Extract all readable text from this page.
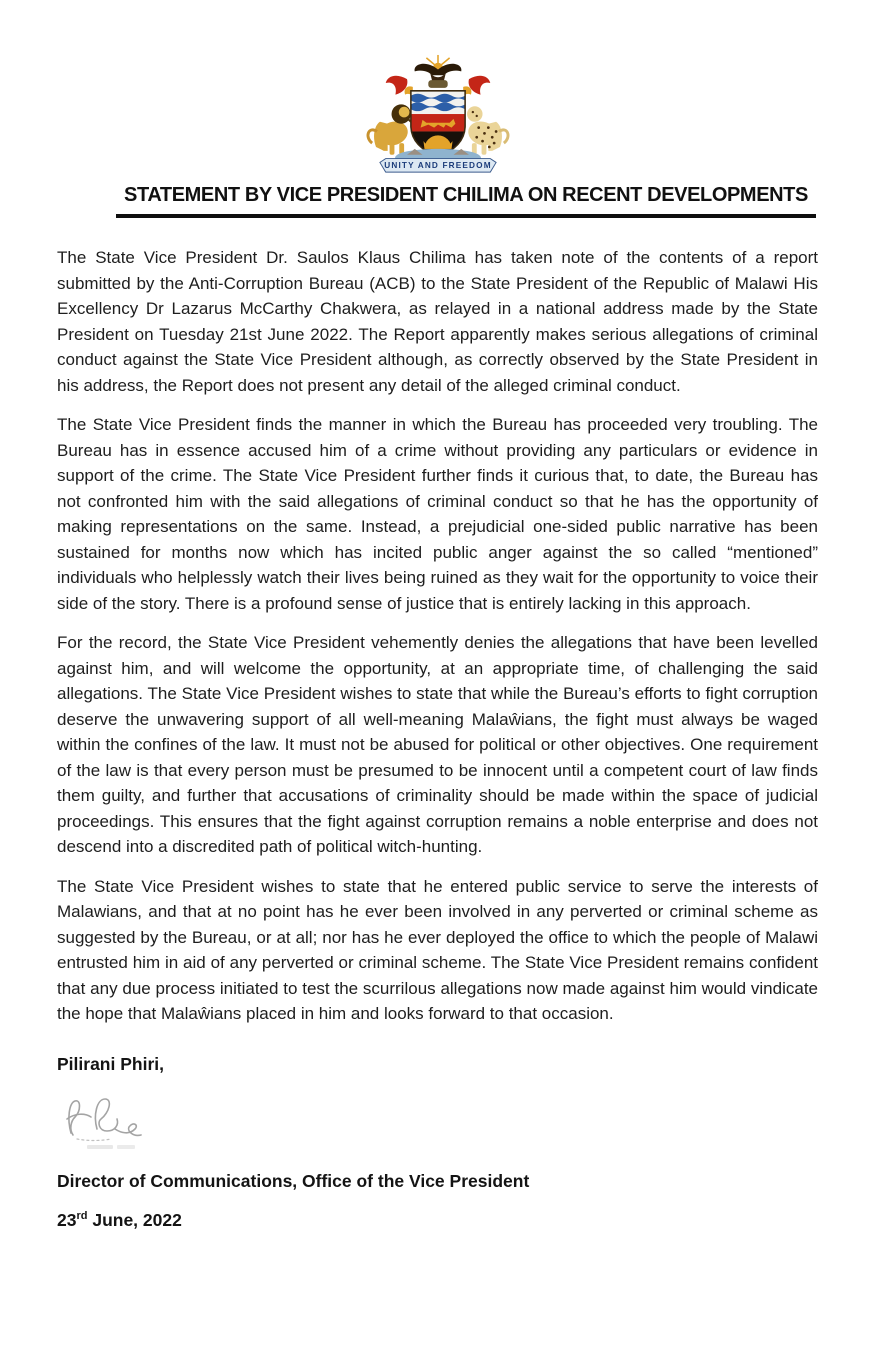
UNITY AND FREEDOM
STATEMENT BY VICE PRESIDENT CHILIMA ON RECENT DEVELOPMENTS

The State Vice President Dr. Saulos Klaus Chilima has taken note of the contents of a report submitted by the Anti-Corruption Bureau (ACB) to the State President of the Republic of Malawi His Excellency Dr Lazarus McCarthy Chakwera, as relayed in a national address made by the State President on Tuesday 21st June 2022. The Report apparently makes serious allegations of criminal conduct against the State Vice President although, as correctly observed by the State President in his address, the Report does not present any detail of the alleged criminal conduct.

The State Vice President finds the manner in which the Bureau has proceeded very troubling. The Bureau has in essence accused him of a crime without providing any particulars or evidence in support of the crime. The State Vice President further finds it curious that, to date, the Bureau has not confronted him with the said allegations of criminal conduct so that he has the opportunity of making representations on the same. Instead, a prejudicial one-sided public narrative has been sustained for months now which has incited public anger against the so called “mentioned” individuals who helplessly watch their lives being ruined as they wait for the opportunity to voice their side of the story. There is a profound sense of justice that is entirely lacking in this approach.

For the record, the State Vice President vehemently denies the allegations that have been levelled against him, and will welcome the opportunity, at an appropriate time, of challenging the said allegations. The State Vice President wishes to state that while the Bureau’s efforts to fight corruption deserve the unwavering support of all well-meaning Malaŵians, the fight must always be waged within the confines of the law. It must not be abused for political or other objectives. One requirement of the law is that every person must be presumed to be innocent until a competent court of law finds them guilty, and further that accusations of criminality should be made within the space of judicial proceedings. This ensures that the fight against corruption remains a noble enterprise and does not descend into a discredited path of political witch-hunting.

The State Vice President wishes to state that he entered public service to serve the interests of Malawians, and that at no point has he ever been involved in any perverted or criminal scheme as suggested by the Bureau, or at all; nor has he ever deployed the office to which the people of Malawi entrusted him in aid of any perverted or criminal scheme. The State Vice President remains confident that any due process initiated to test the scurrilous allegations now made against him would vindicate the hope that Malaŵians placed in him and looks forward to that occasion.

Pilirani Phiri,

Director of Communications, Office of the Vice President

23rd June, 2022
